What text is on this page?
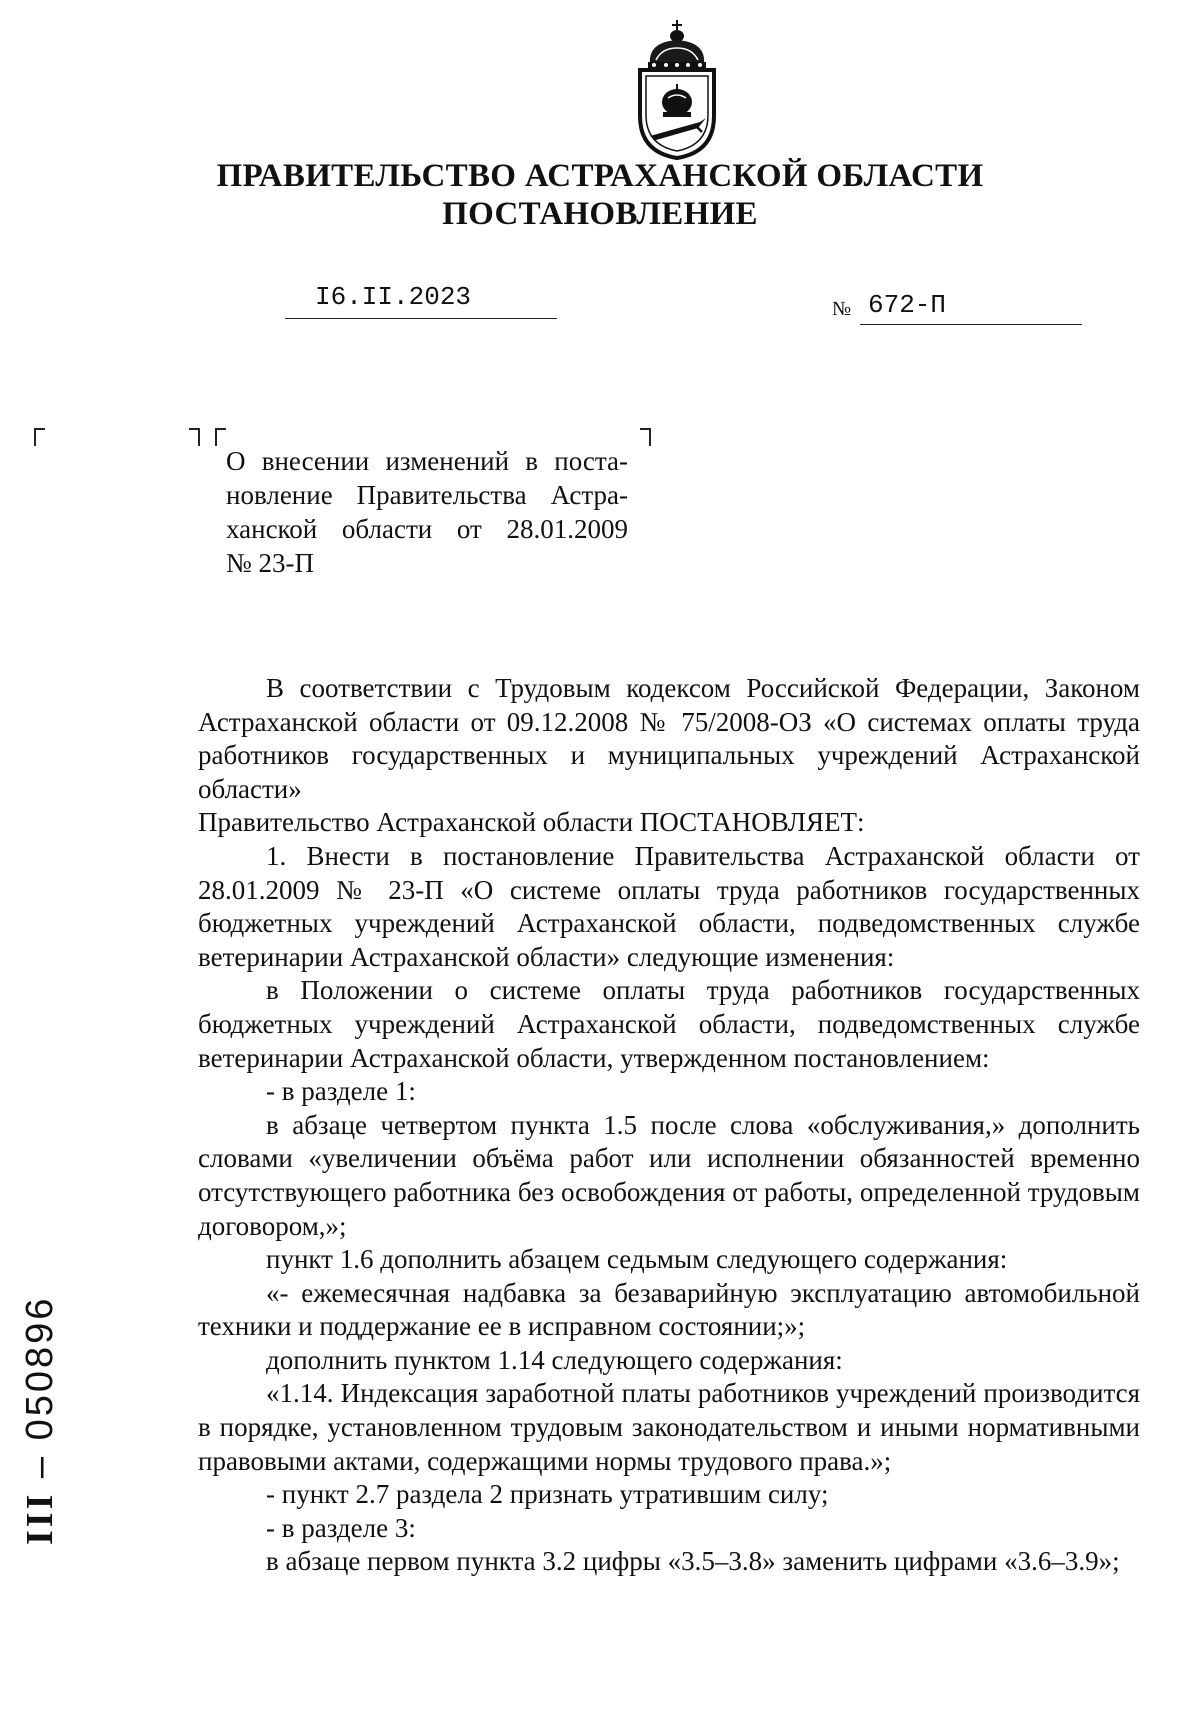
ПРАВИТЕЛЬСТВО АСТРАХАНСКОЙ ОБЛАСТИ
ПОСТАНОВЛЕНИЕ
I6.II.2023	№ 672-П
О внесении изменений в поста-
новление Правительства Астра-
ханской области от 28.01.2009
№ 23-П

В соответствии с Трудовым кодексом Российской Федерации, Законом Астраханской области от 09.12.2008 № 75/2008-ОЗ «О системах оплаты труда работников государственных и муниципальных учреждений Астраханской области»

Правительство Астраханской области ПОСТАНОВЛЯЕТ:

1. Внести в постановление Правительства Астраханской области от 28.01.2009 № 23-П «О системе оплаты труда работников государственных бюджетных учреждений Астраханской области, подведомственных службе ветеринарии Астраханской области» следующие изменения:

в Положении о системе оплаты труда работников государственных бюджетных учреждений Астраханской области, подведомственных службе ветеринарии Астраханской области, утвержденном постановлением:

- в разделе 1:

в абзаце четвертом пункта 1.5 после слова «обслуживания,» дополнить словами «увеличении объёма работ или исполнении обязанностей временно отсутствующего работника без освобождения от работы, определенной трудовым договором,»;

пункт 1.6 дополнить абзацем седьмым следующего содержания:

«- ежемесячная надбавка за безаварийную эксплуатацию автомобильной техники и поддержание ее в исправном состоянии;»;

дополнить пунктом 1.14 следующего содержания:

«1.14. Индексация заработной платы работников учреждений производится в порядке, установленном трудовым законодательством и иными нормативными правовыми актами, содержащими нормы трудового права.»;

- пункт 2.7 раздела 2 признать утратившим силу;

- в разделе 3:

в абзаце первом пункта 3.2 цифры «3.5–3.8» заменить цифрами «3.6–3.9»;

III – 050896
